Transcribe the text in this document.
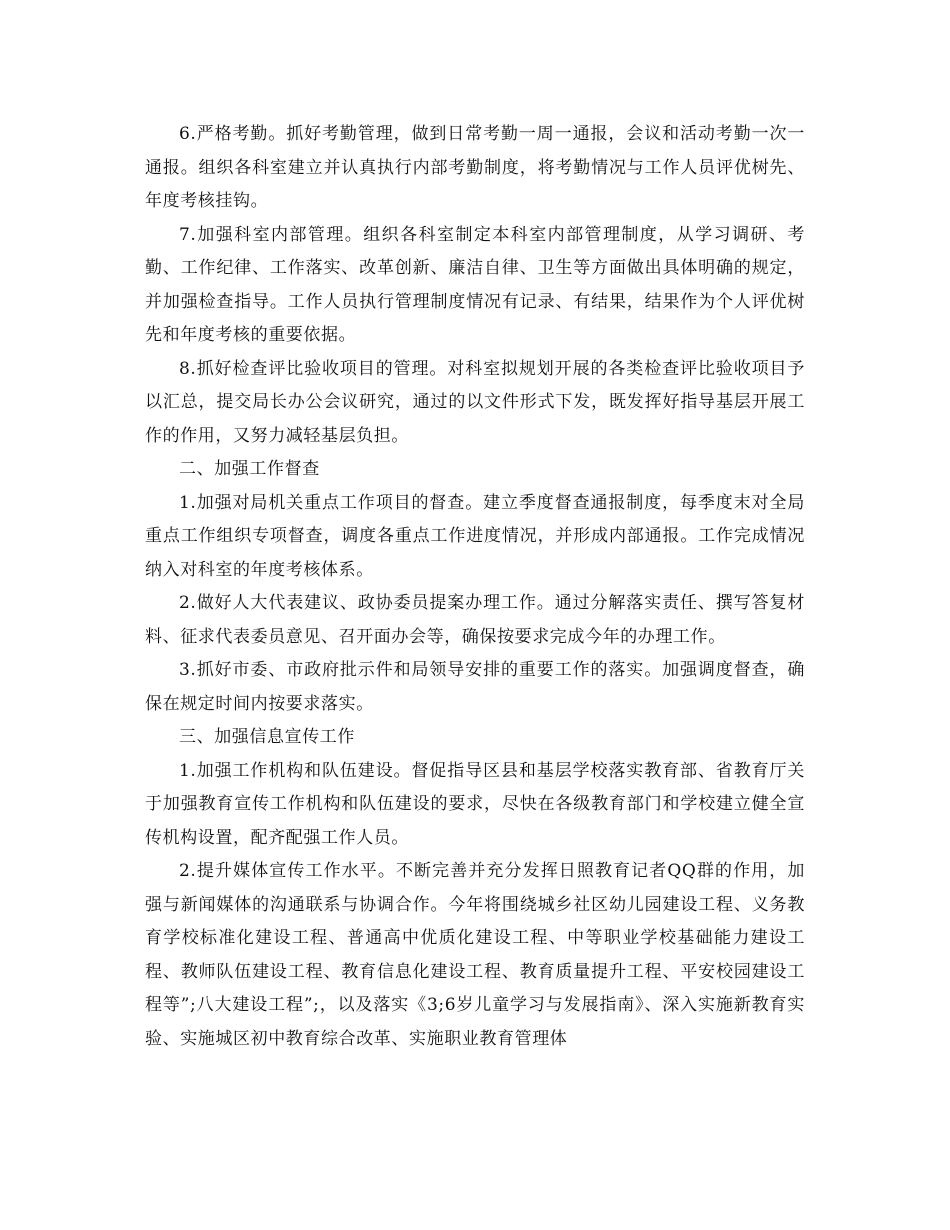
6.严格考勤。抓好考勤管理，做到日常考勤一周一通报，会议和活动考勤一次一通报。组织各科室建立并认真执行内部考勤制度，将考勤情况与工作人员评优树先、年度考核挂钩。

7.加强科室内部管理。组织各科室制定本科室内部管理制度，从学习调研、考勤、工作纪律、工作落实、改革创新、廉洁自律、卫生等方面做出具体明确的规定，并加强检查指导。工作人员执行管理制度情况有记录、有结果，结果作为个人评优树先和年度考核的重要依据。

8.抓好检查评比验收项目的管理。对科室拟规划开展的各类检查评比验收项目予以汇总，提交局长办公会议研究，通过的以文件形式下发，既发挥好指导基层开展工作的作用，又努力减轻基层负担。

二、加强工作督查

1.加强对局机关重点工作项目的督查。建立季度督查通报制度，每季度末对全局重点工作组织专项督查，调度各重点工作进度情况，并形成内部通报。工作完成情况纳入对科室的年度考核体系。

2.做好人大代表建议、政协委员提案办理工作。通过分解落实责任、撰写答复材料、征求代表委员意见、召开面办会等，确保按要求完成今年的办理工作。

3.抓好市委、市政府批示件和局领导安排的重要工作的落实。加强调度督查，确保在规定时间内按要求落实。

三、加强信息宣传工作

1.加强工作机构和队伍建设。督促指导区县和基层学校落实教育部、省教育厅关于加强教育宣传工作机构和队伍建设的要求，尽快在各级教育部门和学校建立健全宣传机构设置，配齐配强工作人员。

2.提升媒体宣传工作水平。不断完善并充分发挥日照教育记者QQ群的作用，加强与新闻媒体的沟通联系与协调合作。今年将围绕城乡社区幼儿园建设工程、义务教育学校标准化建设工程、普通高中优质化建设工程、中等职业学校基础能力建设工程、教师队伍建设工程、教育信息化建设工程、教育质量提升工程、平安校园建设工程等”;八大建设工程”;，以及落实《3;6岁儿童学习与发展指南》、深入实施新教育实验、实施城区初中教育综合改革、实施职业教育管理体
